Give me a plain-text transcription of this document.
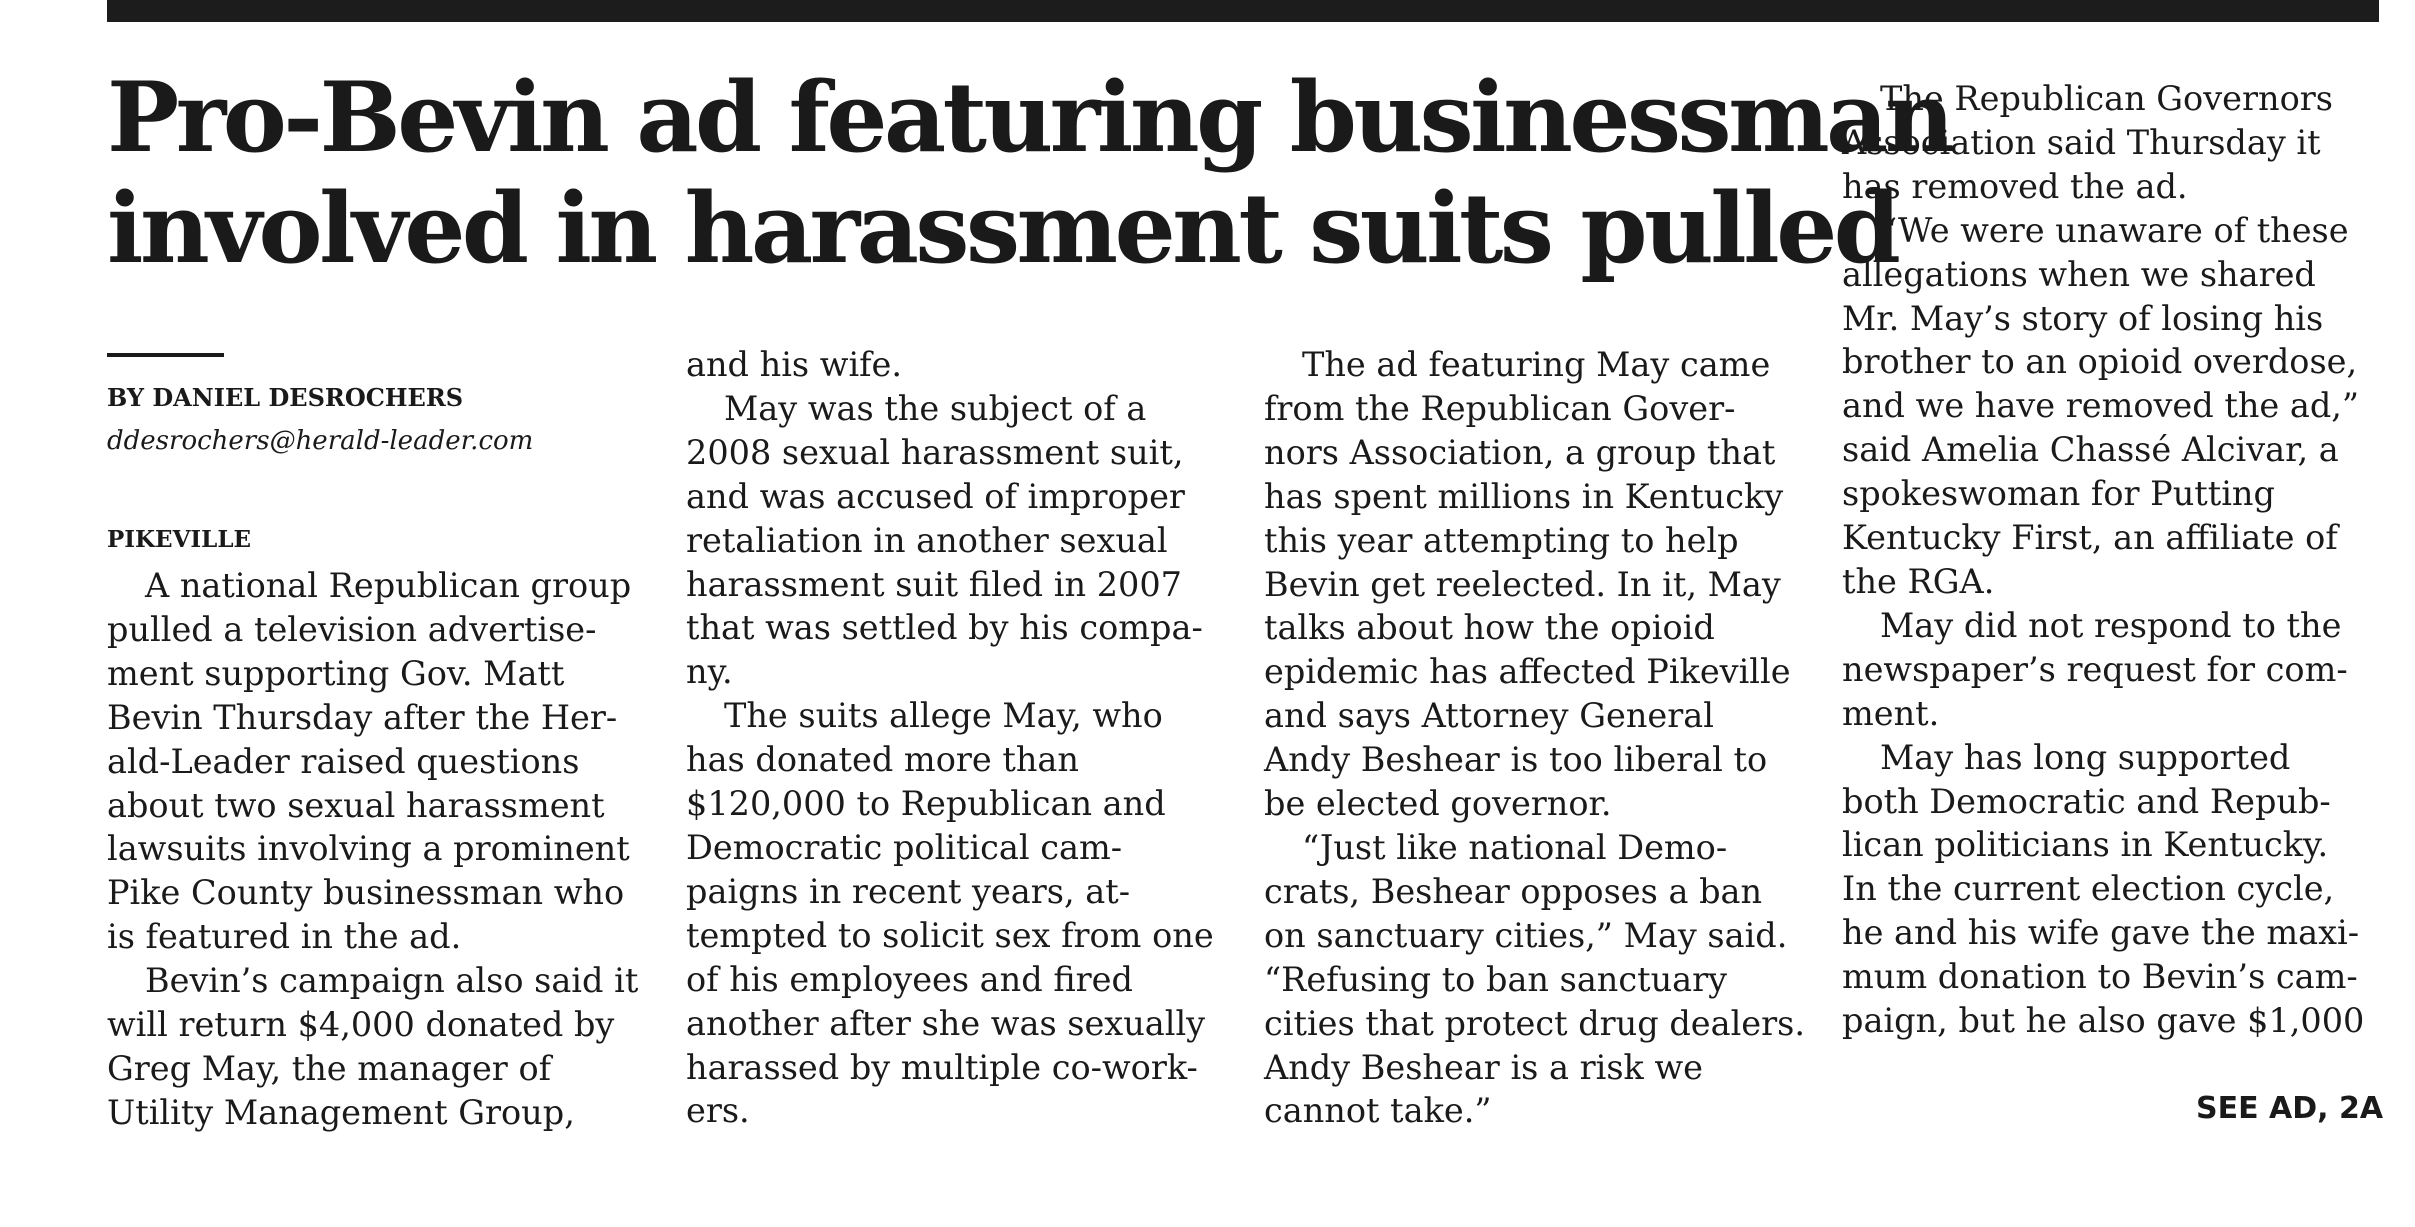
Pro-Bevin ad featuring businessman
involved in harassment suits pulled
BY DANIEL DESROCHERS
ddesrochers@herald-leader.com
PIKEVILLE
A national Republican group
pulled a television advertise-
ment supporting Gov. Matt
Bevin Thursday after the Her-
ald-Leader raised questions
about two sexual harassment
lawsuits involving a prominent
Pike County businessman who
is featured in the ad.
Bevin’s campaign also said it
will return $4,000 donated by
Greg May, the manager of
Utility Management Group,
and his wife.
May was the subject of a
2008 sexual harassment suit,
and was accused of improper
retaliation in another sexual
harassment suit filed in 2007
that was settled by his compa-
ny.
The suits allege May, who
has donated more than
$120,000 to Republican and
Democratic political cam-
paigns in recent years, at-
tempted to solicit sex from one
of his employees and fired
another after she was sexually
harassed by multiple co-work-
ers.
The ad featuring May came
from the Republican Gover-
nors Association, a group that
has spent millions in Kentucky
this year attempting to help
Bevin get reelected. In it, May
talks about how the opioid
epidemic has affected Pikeville
and says Attorney General
Andy Beshear is too liberal to
be elected governor.
“Just like national Demo-
crats, Beshear opposes a ban
on sanctuary cities,” May said.
“Refusing to ban sanctuary
cities that protect drug dealers.
Andy Beshear is a risk we
cannot take.”
The Republican Governors
Association said Thursday it
has removed the ad.
“We were unaware of these
allegations when we shared
Mr. May’s story of losing his
brother to an opioid overdose,
and we have removed the ad,”
said Amelia Chassé Alcivar, a
spokeswoman for Putting
Kentucky First, an affiliate of
the RGA.
May did not respond to the
newspaper’s request for com-
ment.
May has long supported
both Democratic and Repub-
lican politicians in Kentucky.
In the current election cycle,
he and his wife gave the maxi-
mum donation to Bevin’s cam-
paign, but he also gave $1,000
SEE AD, 2A
